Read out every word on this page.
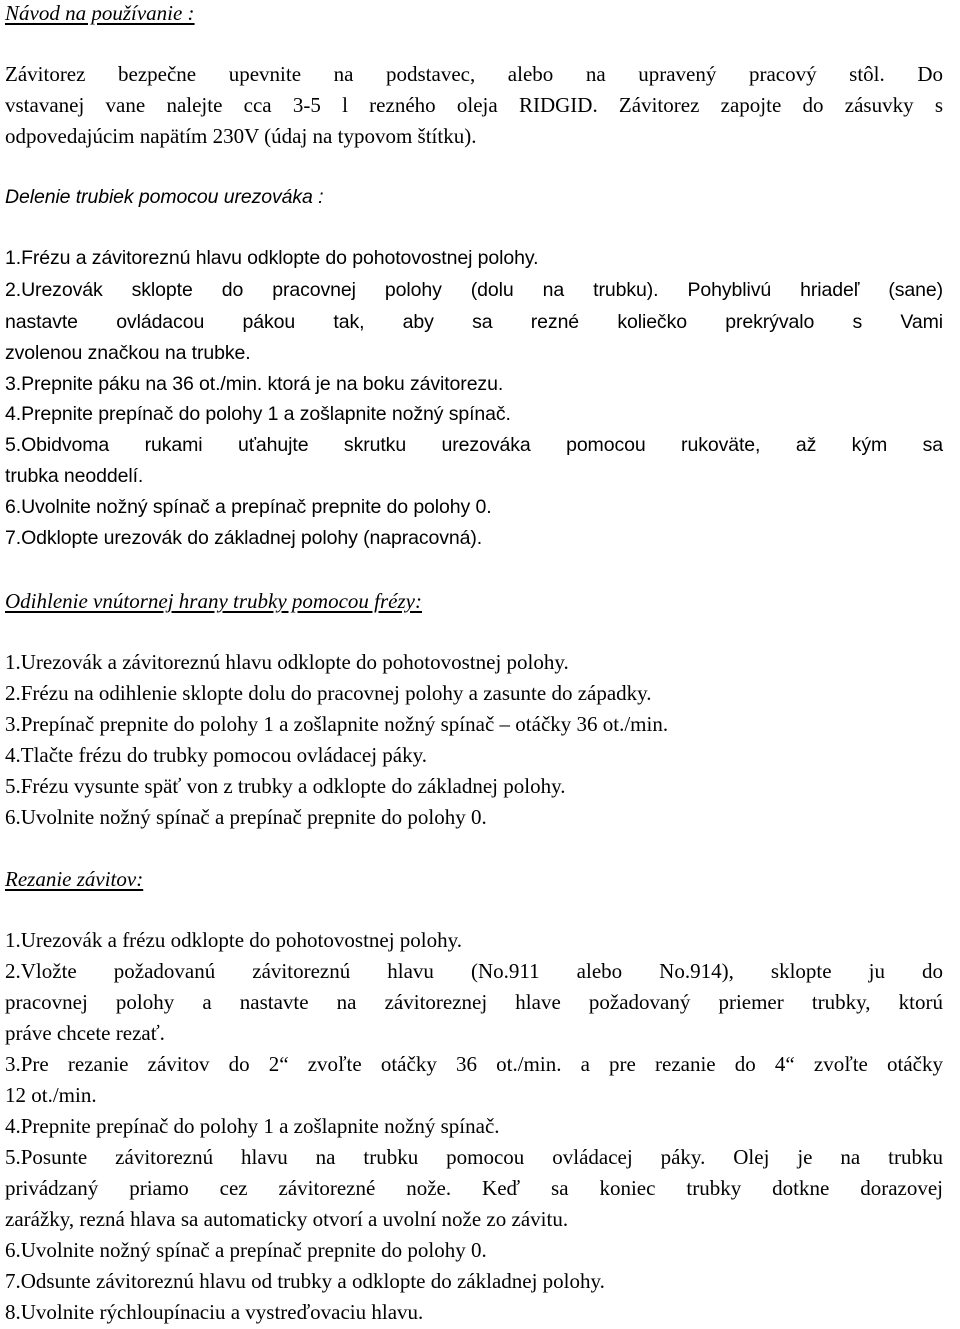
Návod na používanie :
Závitorez bezpečne upevnite na podstavec, alebo na upravený pracový stôl. Do
vstavanej vane nalejte cca 3-5 l rezného oleja RIDGID. Závitorez zapojte do zásuvky s
odpovedajúcim napätím 230V (údaj na typovom štítku).
Delenie trubiek pomocou urezováka :
1.Frézu a závitoreznú hlavu odklopte do pohotovostnej polohy.
2.Urezovák sklopte do pracovnej polohy (dolu na trubku). Pohyblivú hriadeľ (sane)
nastavte ovládacou pákou tak, aby sa rezné koliečko prekrývalo s Vami
zvolenou značkou na trubke.
3.Prepnite páku na 36 ot./min. ktorá je na boku závitorezu.
4.Prepnite prepínač do polohy 1 a zošlapnite nožný spínač.
5.Obidvoma rukami uťahujte skrutku urezováka pomocou rukoväte, až kým sa
trubka neoddelí.
6.Uvolnite nožný spínač a prepínač prepnite do polohy 0.
7.Odklopte urezovák do základnej polohy (napracovná).
Odihlenie vnútornej hrany trubky pomocou frézy:
1.Urezovák a závitoreznú hlavu odklopte do pohotovostnej polohy.
2.Frézu na odihlenie sklopte dolu do pracovnej polohy a zasunte do západky.
3.Prepínač prepnite do polohy 1 a zošlapnite nožný spínač – otáčky 36 ot./min.
4.Tlačte frézu do trubky pomocou ovládacej páky.
5.Frézu vysunte späť von z trubky a odklopte do základnej polohy.
6.Uvolnite nožný spínač a prepínač prepnite do polohy 0.
Rezanie závitov:
1.Urezovák a frézu odklopte do pohotovostnej polohy.
2.Vložte požadovanú závitoreznú hlavu (No.911 alebo No.914), sklopte ju do
pracovnej polohy a nastavte na závitoreznej hlave požadovaný priemer trubky, ktorú
práve chcete rezať.
3.Pre rezanie závitov do 2“ zvoľte otáčky 36 ot./min. a pre rezanie do 4“ zvoľte otáčky
12 ot./min.
4.Prepnite prepínač do polohy 1 a zošlapnite nožný spínač.
5.Posunte závitoreznú hlavu na trubku pomocou ovládacej páky. Olej je na trubku
privádzaný priamo cez závitorezné nože. Keď sa koniec trubky dotkne dorazovej
zarážky, rezná hlava sa automaticky otvorí a uvolní nože zo závitu.
6.Uvolnite nožný spínač a prepínač prepnite do polohy 0.
7.Odsunte závitoreznú hlavu od trubky a odklopte do základnej polohy.
8.Uvolnite rýchloupínaciu a vystreďovaciu hlavu.
